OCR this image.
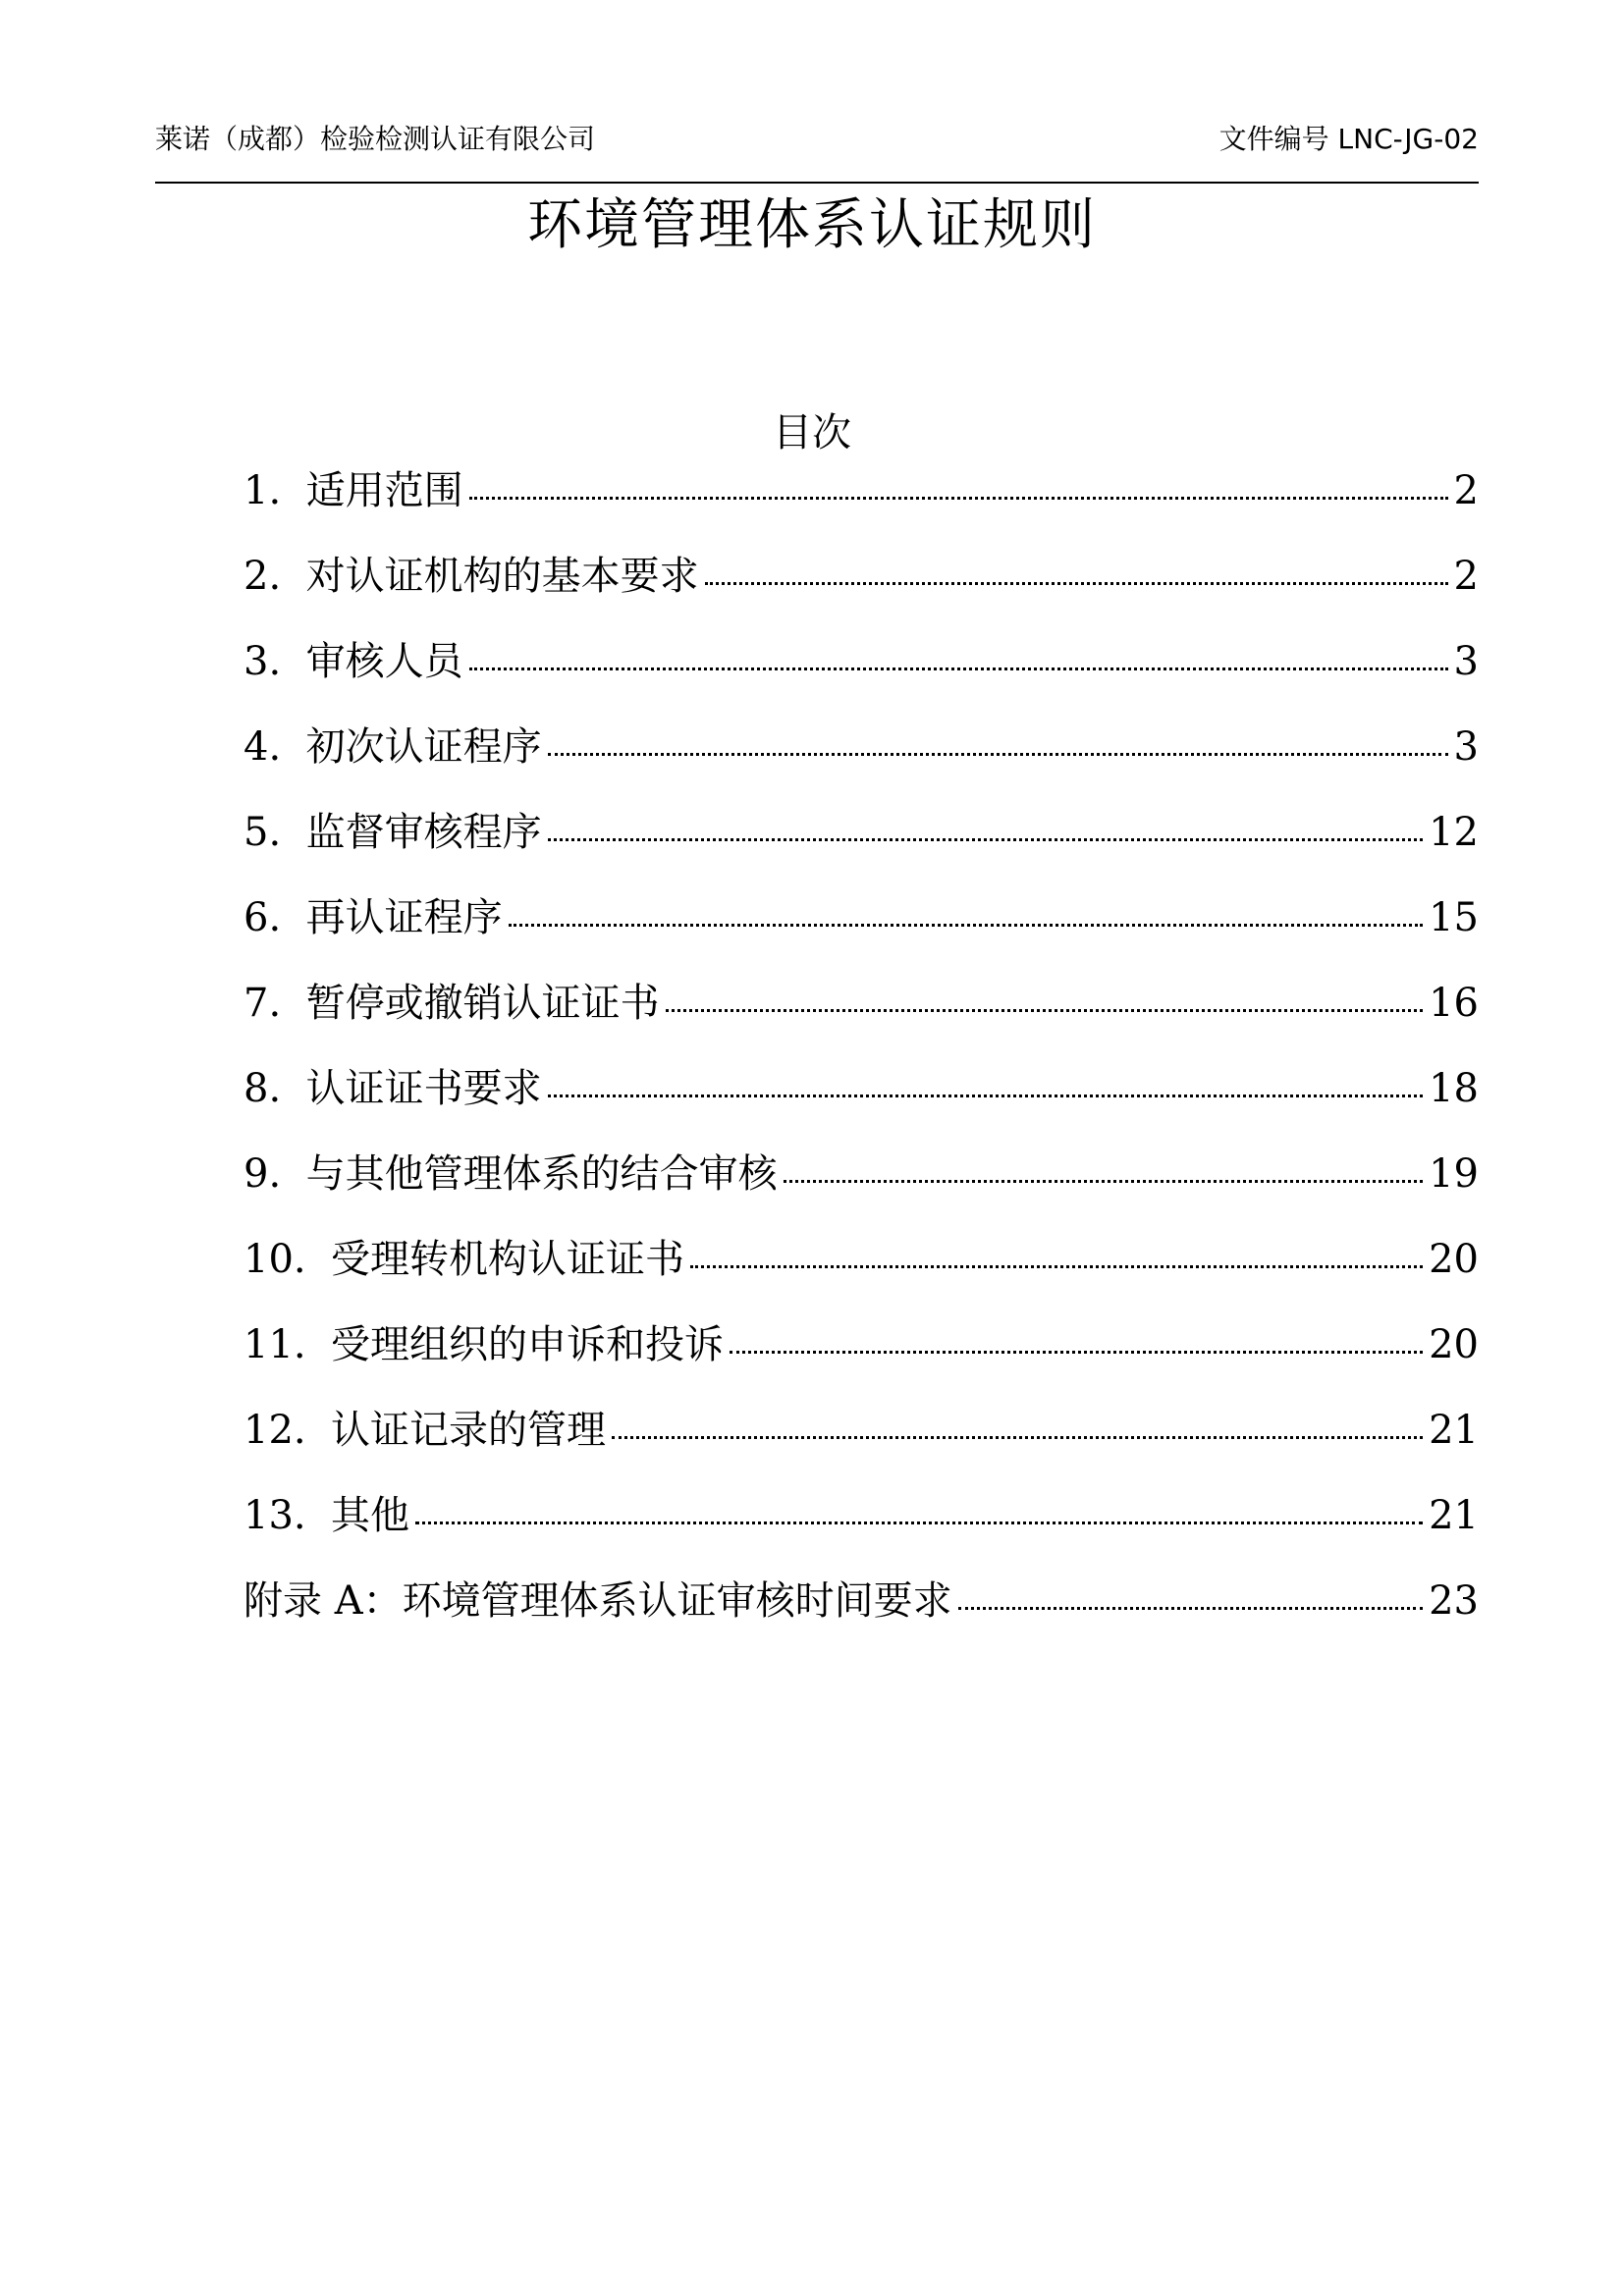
莱诺（成都）检验检测认证有限公司	文件编号 LNC-JG-02
环境管理体系认证规则
目次
1. 适用范围	2
2. 对认证机构的基本要求	2
3. 审核人员	3
4. 初次认证程序	3
5. 监督审核程序	12
6. 再认证程序	15
7. 暂停或撤销认证证书	16
8. 认证证书要求	18
9. 与其他管理体系的结合审核	19
10. 受理转机构认证证书	20
11. 受理组织的申诉和投诉	20
12. 认证记录的管理	21
13. 其他	21
附录 A：环境管理体系认证审核时间要求	23
